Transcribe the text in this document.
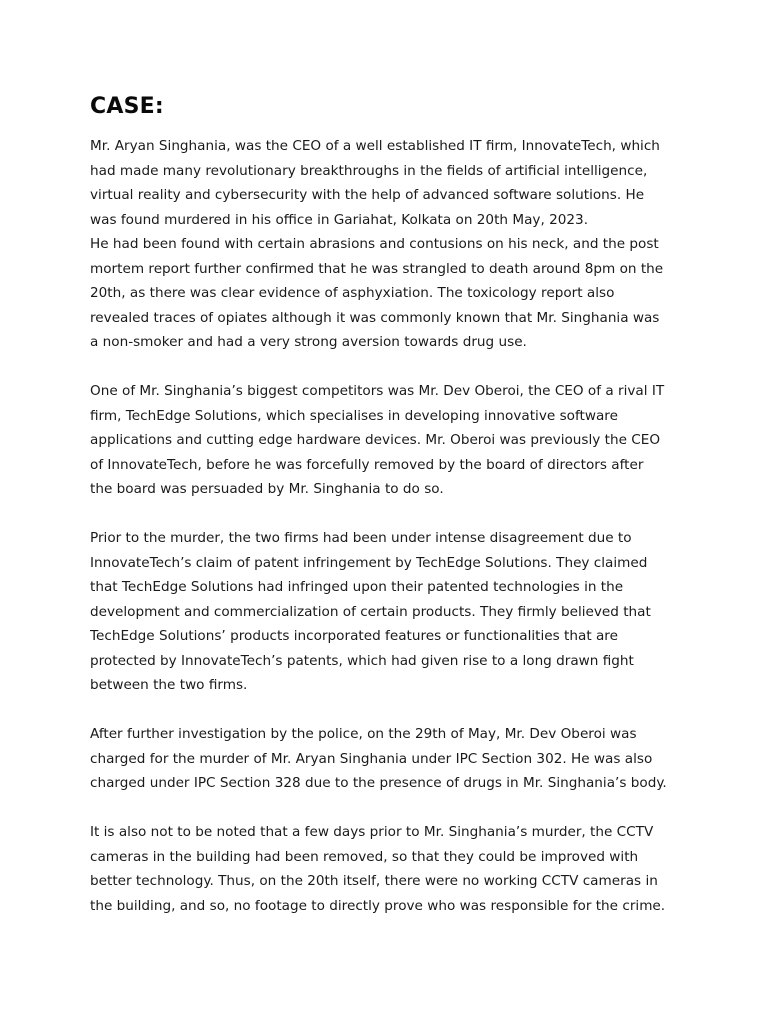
CASE:

Mr. Aryan Singhania, was the CEO of a well established IT firm, InnovateTech, which
had made many revolutionary breakthroughs in the fields of artificial intelligence,
virtual reality and cybersecurity with the help of advanced software solutions. He
was found murdered in his office in Gariahat, Kolkata on 20th May, 2023.

He had been found with certain abrasions and contusions on his neck, and the post
mortem report further confirmed that he was strangled to death around 8pm on the
20th, as there was clear evidence of asphyxiation. The toxicology report also
revealed traces of opiates although it was commonly known that Mr. Singhania was
a non-smoker and had a very strong aversion towards drug use.

One of Mr. Singhania’s biggest competitors was Mr. Dev Oberoi, the CEO of a rival IT
firm, TechEdge Solutions, which specialises in developing innovative software
applications and cutting edge hardware devices. Mr. Oberoi was previously the CEO
of InnovateTech, before he was forcefully removed by the board of directors after
the board was persuaded by Mr. Singhania to do so.

Prior to the murder, the two firms had been under intense disagreement due to
InnovateTech’s claim of patent infringement by TechEdge Solutions. They claimed
that TechEdge Solutions had infringed upon their patented technologies in the
development and commercialization of certain products. They firmly believed that
TechEdge Solutions’ products incorporated features or functionalities that are
protected by InnovateTech’s patents, which had given rise to a long drawn fight
between the two firms.

After further investigation by the police, on the 29th of May, Mr. Dev Oberoi was
charged for the murder of Mr. Aryan Singhania under IPC Section 302. He was also
charged under IPC Section 328 due to the presence of drugs in Mr. Singhania’s body.

It is also not to be noted that a few days prior to Mr. Singhania’s murder, the CCTV
cameras in the building had been removed, so that they could be improved with
better technology. Thus, on the 20th itself, there were no working CCTV cameras in
the building, and so, no footage to directly prove who was responsible for the crime.
